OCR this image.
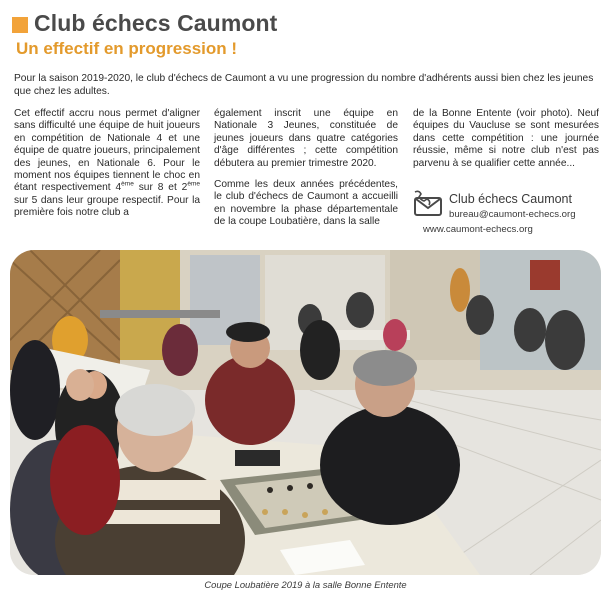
Club échecs Caumont
Un effectif en progression !

Pour la saison 2019-2020, le club d'échecs de Caumont a vu une progression du nombre d'adhérents aussi bien chez les jeunes que chez les adultes.

Cet effectif accru nous permet d'aligner sans difficulté une équipe de huit joueurs en compétition de Nationale 4 et une équipe de quatre joueurs, principalement des jeunes, en Nationale 6. Pour le moment nos équipes tiennent le choc en étant respectivement 4ème sur 8 et 2ème sur 5 dans leur groupe respectif. Pour la première fois notre club a

également inscrit une équipe en Nationale 3 Jeunes, constituée de jeunes joueurs dans quatre catégories d'âge différentes ; cette compétition débutera au premier trimestre 2020.

Comme les deux années précédentes, le club d'échecs de Caumont a accueilli en novembre la phase départementale de la coupe Loubatière, dans la salle

de la Bonne Entente (voir photo). Neuf équipes du Vaucluse se sont mesurées dans cette compétition : une journée réussie, même si notre club n'est pas parvenu à se qualifier cette année...

Club échecs Caumont
bureau@caumont-echecs.org
www.caumont-echecs.org
Coupe Loubatière 2019 à la salle Bonne Entente
